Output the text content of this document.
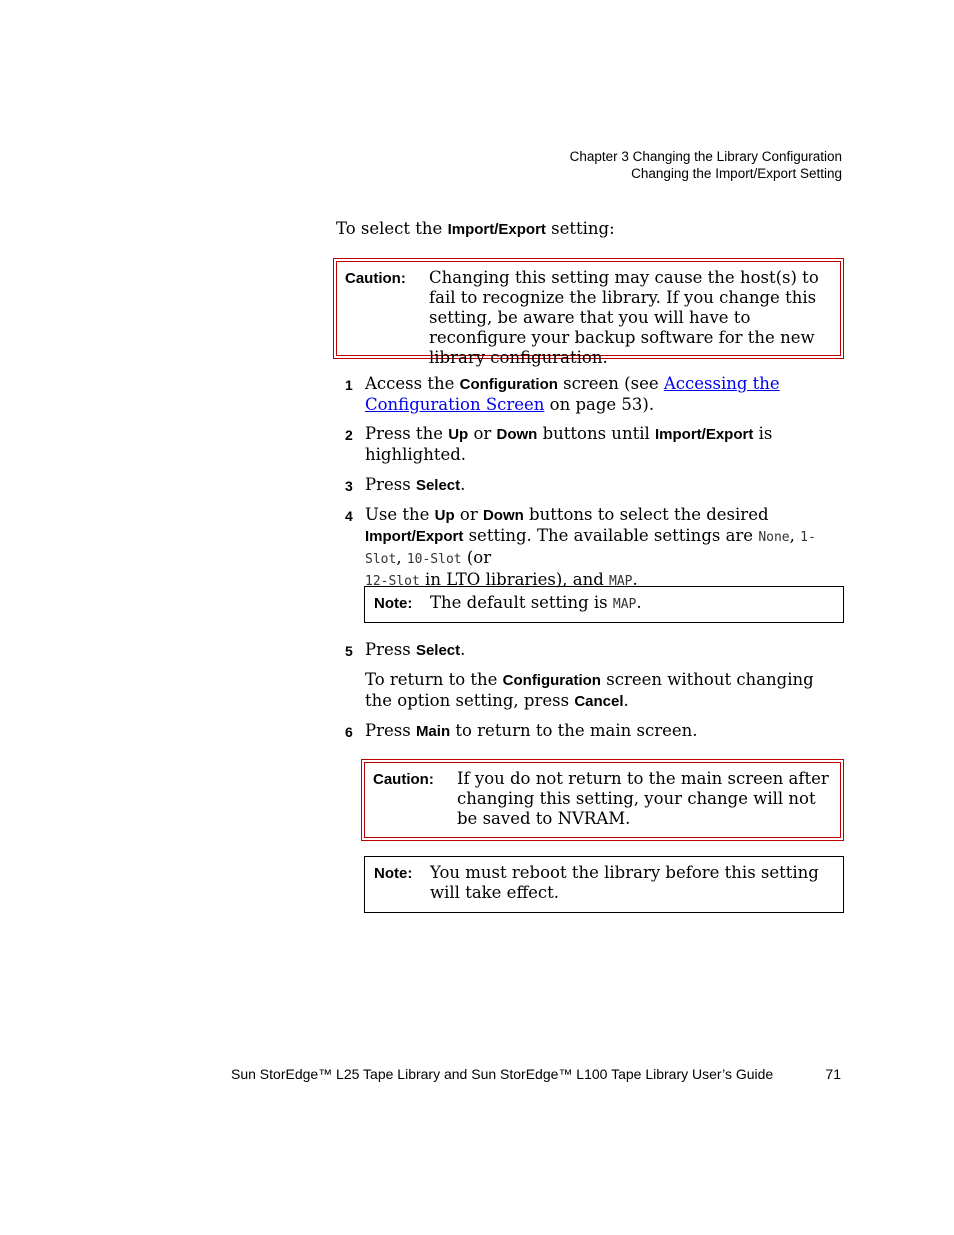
Chapter 3 Changing the Library Configuration
Changing the Import/Export Setting
To select the Import/Export setting:
Caution: Changing this setting may cause the host(s) to fail to recognize the library. If you change this setting, be aware that you will have to reconfigure your backup software for the new library configuration.
1 Access the Configuration screen (see Accessing the
Configuration Screen on page 53).
2 Press the Up or Down buttons until Import/Export is highlighted.
3 Press Select.
4 Use the Up or Down buttons to select the desired Import/Export setting. The available settings are None, 1-Slot, 10-Slot (or
12-Slot in LTO libraries), and MAP.
Note: The default setting is MAP.
5 Press Select.
To return to the Configuration screen without changing the option setting, press Cancel.
6 Press Main to return to the main screen.
Caution: If you do not return to the main screen after changing this setting, your change will not be saved to NVRAM.
Note: You must reboot the library before this setting will take effect.
Sun StorEdge™ L25 Tape Library and Sun StorEdge™ L100 Tape Library User’s Guide	71
